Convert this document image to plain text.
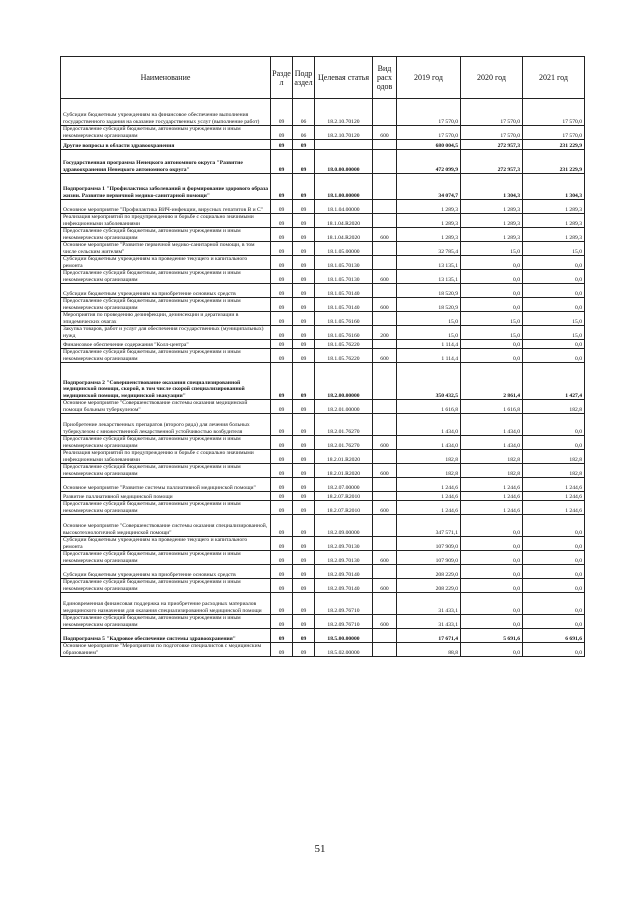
Наименование	Разде л	Подр аздел	Целевая статья	Вид расх одов	2019 год	2020 год	2021 год
Субсидии бюджетным учреждениям на финансовое обеспечение выполнения государственного задания на оказание государственных услуг (выполнение работ)	09	06	18.2.10.70120		17 570,0	17 570,0	17 570,0
Предоставление субсидий бюджетным, автономным учреждениям и иным некоммерческим организациям	09	06	18.2.10.70120	600	17 570,0	17 570,0	17 570,0
Другие вопросы в области здравоохранения	09	09			680 004,5	272 957,3	231 229,9
Государственная программа Ненецкого автономного округа "Развитие здравоохранения Ненецкого автономного округа"	09	09	18.0.00.00000		472 099,9	272 957,3	231 229,9
Подпрограмма 1 "Профилактика заболеваний и формирование здорового образа жизни. Развитие первичной медико-санитарной помощи"	09	09	18.1.00.00000		34 074,7	1 304,3	1 304,3
Основное мероприятие "Профилактика ВИЧ-инфекции, вирусных гепатитов В и С"	09	09	18.1.04.00000		1 289,3	1 289,3	1 289,3
Реализация мероприятий по предупреждению и борьбе с социально значимыми инфекционными заболеваниями	09	09	18.1.04.R2020		1 289,3	1 289,3	1 289,3
Предоставление субсидий бюджетным, автономным учреждениям и иным некоммерческим организациям	09	09	18.1.04.R2020	600	1 289,3	1 289,3	1 289,3
Основное мероприятие "Развитие первичной медико-санитарной помощи, в том числе сельским жителям"	09	09	18.1.05.00000		32 785,4	15,0	15,0
Субсидии бюджетным учреждениям на проведение текущего и капитального ремонта	09	09	18.1.05.70130		13 135,1	0,0	0,0
Предоставление субсидий бюджетным, автономным учреждениям и иным некоммерческим организациям	09	09	18.1.05.70130	600	13 135,1	0,0	0,0
Субсидии бюджетным учреждениям на приобретение основных средств	09	09	18.1.05.70140		18 520,9	0,0	0,0
Предоставление субсидий бюджетным, автономным учреждениям и иным некоммерческим организациям	09	09	18.1.05.70140	600	18 520,9	0,0	0,0
Мероприятия по проведению дезинфекции, дезинсекции и дератизации в эпидемических очагах	09	09	18.1.05.76160		15,0	15,0	15,0
Закупка товаров, работ и услуг для обеспечения государственных (муниципальных) нужд	09	09	18.1.05.76160	200	15,0	15,0	15,0
Финансовое обеспечение содержания "Колл-центра"	09	09	18.1.05.76220		1 114,4	0,0	0,0
Предоставление субсидий бюджетным, автономным учреждениям и иным некоммерческим организациям	09	09	18.1.05.76220	600	1 114,4	0,0	0,0
Подпрограмма 2 "Совершенствование оказания специализированной медицинской помощи, скорой, в том числе скорой специализированной медицинской помощи, медицинской эвакуации"	09	09	18.2.00.00000		350 432,5	2 861,4	1 427,4
Основное мероприятие "Совершенствование системы оказания медицинской помощи больным туберкулезом"	09	09	18.2.01.00000		1 616,8	1 616,8	182,8
Приобретение лекарственных препаратов (второго ряда) для лечения больных туберкулезом с множественной лекарственной устойчивостью возбудителя	09	09	18.2.01.76270		1 434,0	1 434,0	0,0
Предоставление субсидий бюджетным, автономным учреждениям и иным некоммерческим организациям	09	09	18.2.01.76270	600	1 434,0	1 434,0	0,0
Реализация мероприятий по предупреждению и борьбе с социально значимыми инфекционными заболеваниями	09	09	18.2.01.R2020		182,8	182,8	182,8
Предоставление субсидий бюджетным, автономным учреждениям и иным некоммерческим организациям	09	09	18.2.01.R2020	600	182,8	182,8	182,8
Основное мероприятие "Развитие системы паллиативной медицинской помощи"	09	09	18.2.07.00000		1 244,6	1 244,6	1 244,6
Развитие паллиативной медицинской помощи	09	09	18.2.07.R2010		1 244,6	1 244,6	1 244,6
Предоставление субсидий бюджетным, автономным учреждениям и иным некоммерческим организациям	09	09	18.2.07.R2010	600	1 244,6	1 244,6	1 244,6
Основное мероприятие "Совершенствование системы оказания специализированной, высокотехнологичной медицинской помощи"	09	09	18.2.09.00000		347 571,1	0,0	0,0
Субсидии бюджетным учреждениям на проведение текущего и капитального ремонта	09	09	18.2.09.70130		107 909,0	0,0	0,0
Предоставление субсидий бюджетным, автономным учреждениям и иным некоммерческим организациям	09	09	18.2.09.70130	600	107 909,0	0,0	0,0
Субсидии бюджетным учреждениям на приобретение основных средств	09	09	18.2.09.70140		208 229,0	0,0	0,0
Предоставление субсидий бюджетным, автономным учреждениям и иным некоммерческим организациям	09	09	18.2.09.70140	600	208 229,0	0,0	0,0
Единовременная финансовая поддержка на приобретение расходных материалов медицинского назначения для оказания специализированной медицинской помощи	09	09	18.2.09.76710		31 433,1	0,0	0,0
Предоставление субсидий бюджетным, автономным учреждениям и иным некоммерческим организациям	09	09	18.2.09.76710	600	31 433,1	0,0	0,0
Подпрограмма 5 "Кадровое обеспечение системы здравоохранения"	09	09	18.5.00.00000		17 671,4	5 691,6	6 691,6
Основное мероприятие "Мероприятия по подготовке специалистов с медицинским образованием"	09	09	18.5.02.00000		88,8	0,0	0,0
51
